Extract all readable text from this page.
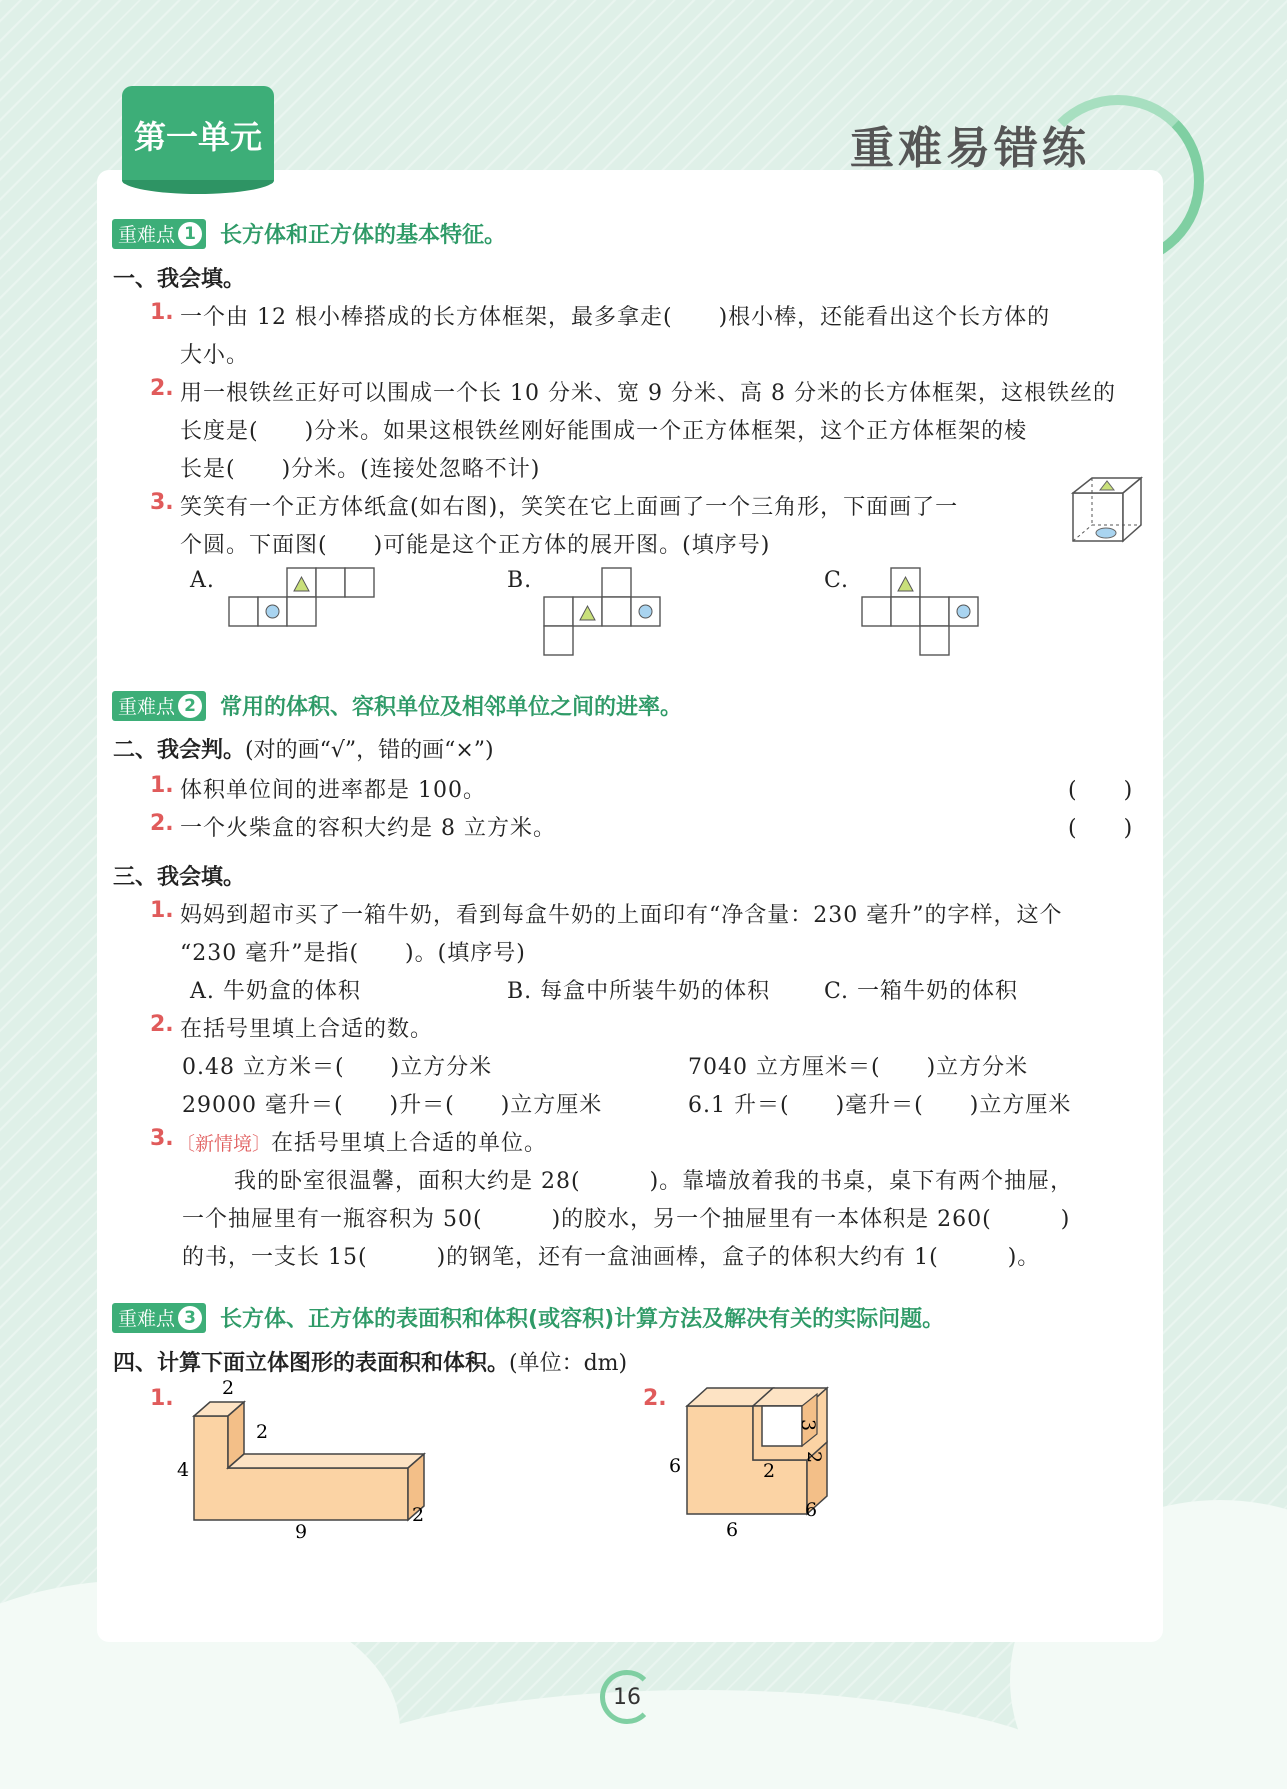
第一单元	重难易错练
重难点 1 长方体和正方体的基本特征。
一、我会填。
1. 一个由 12 根小棒搭成的长方体框架，最多拿走(　　)根小棒，还能看出这个长方体的
大小。
2. 用一根铁丝正好可以围成一个长 10 分米、宽 9 分米、高 8 分米的长方体框架，这根铁丝的
长度是(　　)分米。如果这根铁丝刚好能围成一个正方体框架，这个正方体框架的棱
长是(　　)分米。(连接处忽略不计)
3. 笑笑有一个正方体纸盒(如右图)，笑笑在它上面画了一个三角形，下面画了一
个圆。下面图(　　)可能是这个正方体的展开图。(填序号)
A.	B.	C.
重难点 2 常用的体积、容积单位及相邻单位之间的进率。
二、我会判。(对的画“√”，错的画“×”)
1. 体积单位间的进率都是 100。	(　　)
2. 一个火柴盒的容积大约是 8 立方米。	(　　)
三、我会填。
1. 妈妈到超市买了一箱牛奶，看到每盒牛奶的上面印有“净含量：230 毫升”的字样，这个
“230 毫升”是指(　　)。(填序号)
A. 牛奶盒的体积	B. 每盒中所装牛奶的体积 C. 一箱牛奶的体积
2. 在括号里填上合适的数。
0.48 立方米＝(　　)立方分米	7040 立方厘米＝(　　)立方分米
29000 毫升＝(　　)升＝(　　)立方厘米	6.1 升＝(　　)毫升＝(　　)立方厘米
3. 〔新情境〕在括号里填上合适的单位。
我的卧室很温馨，面积大约是 28(　　　)。靠墙放着我的书桌，桌下有两个抽屉，
一个抽屉里有一瓶容积为 50(　　　)的胶水，另一个抽屉里有一本体积是 260(　　　)
的书，一支长 15(　　　)的钢笔，还有一盒油画棒，盒子的体积大约有 1(　　　)。
重难点 3 长方体、正方体的表面积和体积(或容积)计算方法及解决有关的实际问题。
四、计算下面立体图形的表面积和体积。(单位：dm)
1.	2
2
4
9
2
2.
6	2
3
2
6
6
16
